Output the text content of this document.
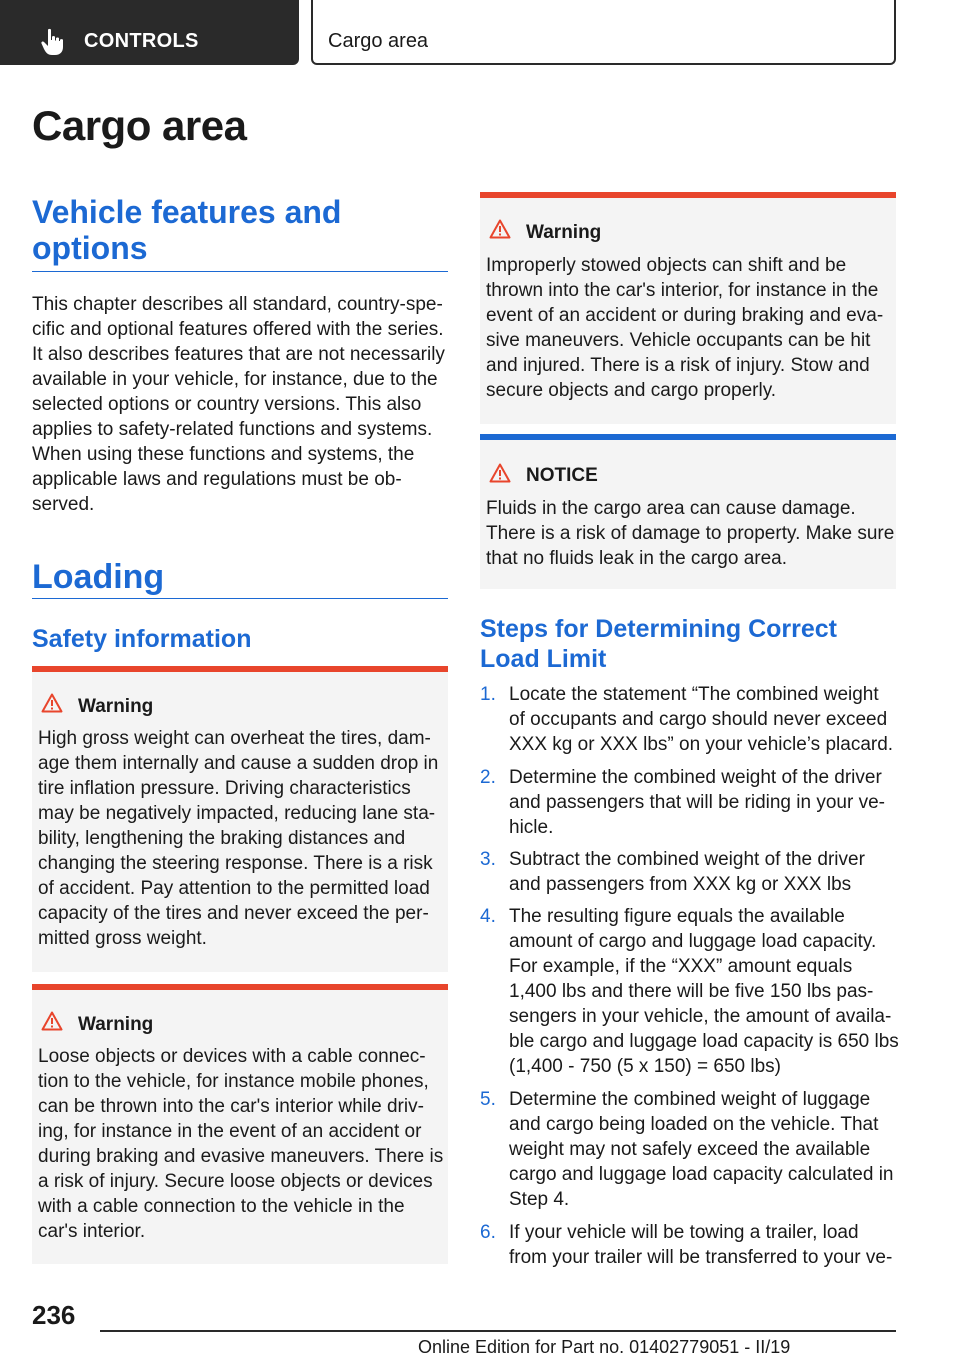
CONTROLS	Cargo area
Cargo area
Vehicle features and options
This chapter describes all standard, country-spe-cific and optional features offered with the series. It also describes features that are not necessarily available in your vehicle, for instance, due to the selected options or country versions. This also applies to safety-related functions and systems. When using these functions and systems, the applicable laws and regulations must be ob-served.
Loading
Safety information
Warning
High gross weight can overheat the tires, dam-age them internally and cause a sudden drop in tire inflation pressure. Driving characteristics may be negatively impacted, reducing lane sta-bility, lengthening the braking distances and changing the steering response. There is a risk of accident. Pay attention to the permitted load capacity of the tires and never exceed the per-mitted gross weight.
Warning
Loose objects or devices with a cable connec-tion to the vehicle, for instance mobile phones, can be thrown into the car's interior while driv-ing, for instance in the event of an accident or during braking and evasive maneuvers. There is a risk of injury. Secure loose objects or devices with a cable connection to the vehicle in the car's interior.
Warning
Improperly stowed objects can shift and be thrown into the car's interior, for instance in the event of an accident or during braking and eva-sive maneuvers. Vehicle occupants can be hit and injured. There is a risk of injury. Stow and secure objects and cargo properly.
NOTICE
Fluids in the cargo area can cause damage. There is a risk of damage to property. Make sure that no fluids leak in the cargo area.
Steps for Determining Correct Load Limit
1. Locate the statement “The combined weight of occupants and cargo should never exceed XXX kg or XXX lbs” on your vehicle’s placard.
2. Determine the combined weight of the driver and passengers that will be riding in your ve-hicle.
3. Subtract the combined weight of the driver and passengers from XXX kg or XXX lbs
4. The resulting figure equals the available amount of cargo and luggage load capacity. For example, if the “XXX” amount equals 1,400 lbs and there will be five 150 lbs pas-sengers in your vehicle, the amount of availa-ble cargo and luggage load capacity is 650 lbs (1,400 - 750 (5 x 150) = 650 lbs)
5. Determine the combined weight of luggage and cargo being loaded on the vehicle. That weight may not safely exceed the available cargo and luggage load capacity calculated in Step 4.
6. If your vehicle will be towing a trailer, load from your trailer will be transferred to your ve-
236
Online Edition for Part no. 01402779051 - II/19
